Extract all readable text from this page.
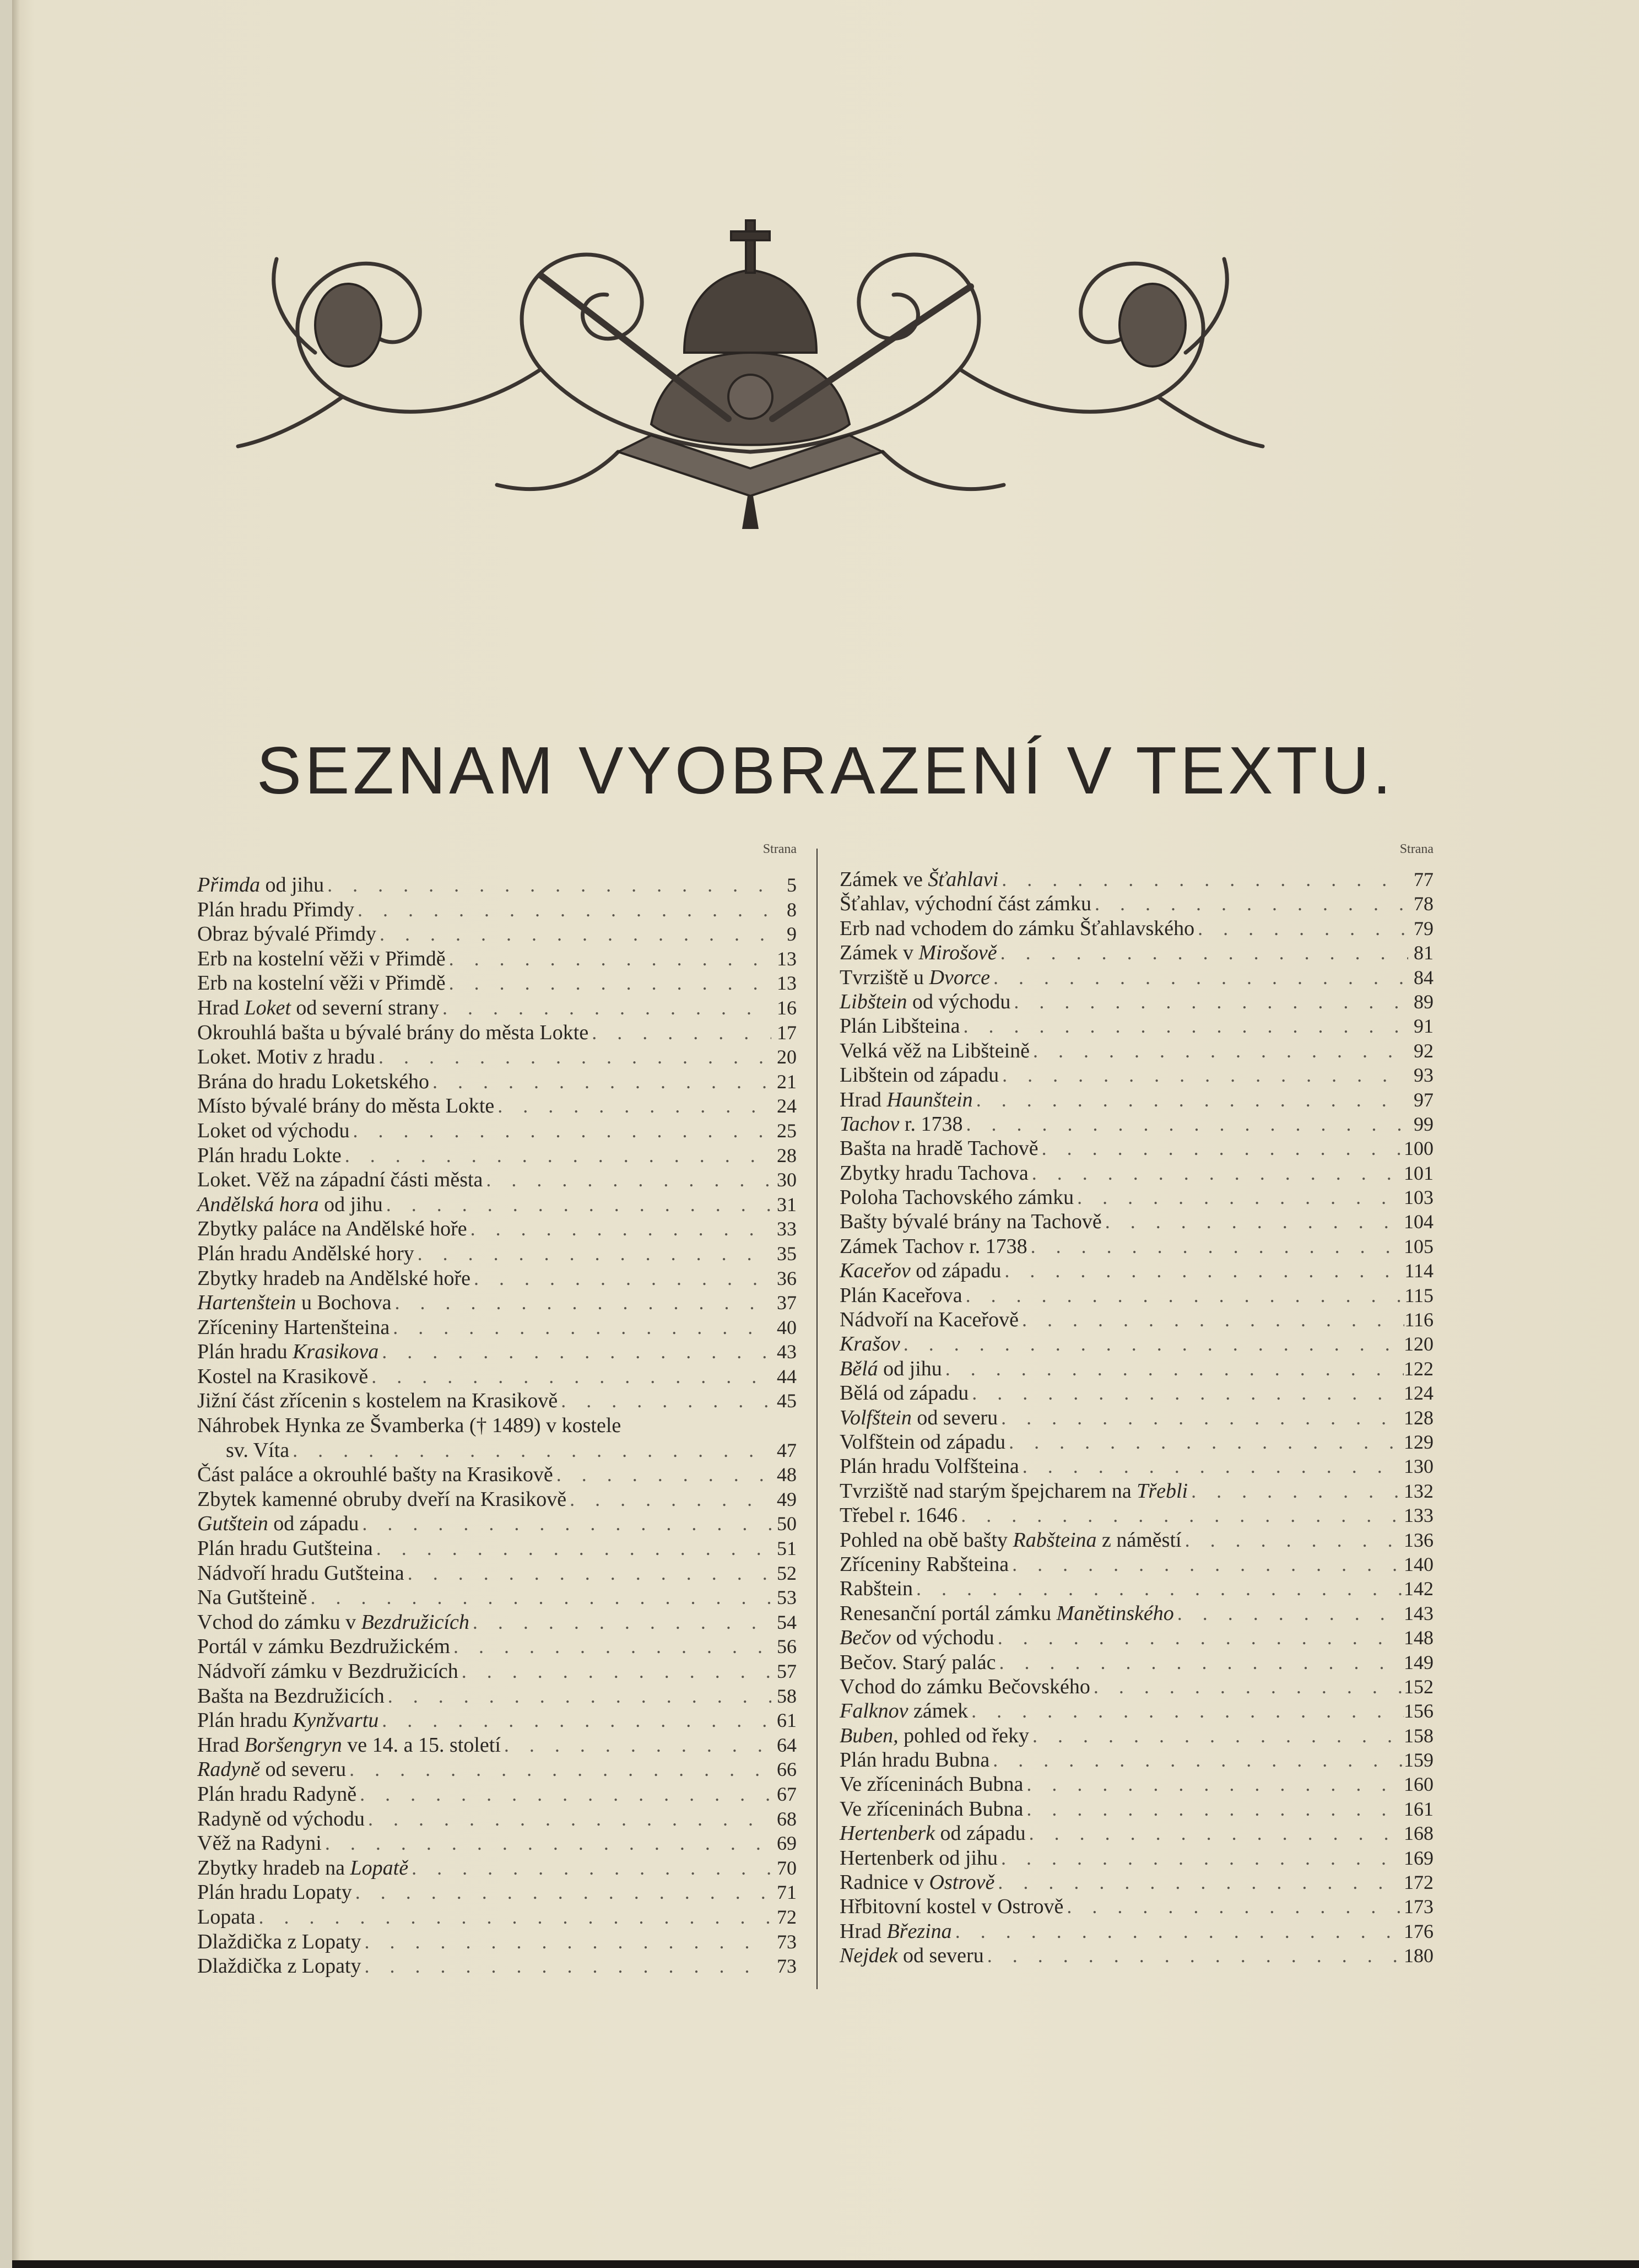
SEZNAM VYOBRAZENÍ V TEXTU.
Strana
Přimda od jihu . . .	5
Plán hradu Přimdy . . .	8
Obraz bývalé Přimdy . . .	9
Erb na kostelní věži v Přimdě . . .	13
Erb na kostelní věži v Přimdě . . .	13
Hrad Loket od severní strany . . .	16
Okrouhlá bašta u bývalé brány do města Lokte . . .	17
Loket. Motiv z hradu . . .	20
Brána do hradu Loketského . . .	21
Místo bývalé brány do města Lokte . . .	24
Loket od východu . . .	25
Plán hradu Lokte . . .	28
Loket. Věž na západní části města . . .	30
Andělská hora od jihu . . .	31
Zbytky paláce na Andělské hoře . . .	33
Plán hradu Andělské hory . . .	35
Zbytky hradeb na Andělské hoře . . .	36
Hartenštein u Bochova . . .	37
Zříceniny Hartenšteina . . .	40
Plán hradu Krasikova . . .	43
Kostel na Krasikově . . .	44
Jižní část zřícenin s kostelem na Krasikově . . .	45
Náhrobek Hynka ze Švamberka († 1489) v kostele
sv. Víta . . .	47
Část paláce a okrouhlé bašty na Krasikově . . .	48
Zbytek kamenné obruby dveří na Krasikově . . .	49
Gutštein od západu . . .	50
Plán hradu Gutšteina . . .	51
Nádvoří hradu Gutšteina . . .	52
Na Gutšteině . . .	53
Vchod do zámku v Bezdružicích . . .	54
Portál v zámku Bezdružickém . . .	56
Nádvoří zámku v Bezdružicích . . .	57
Bašta na Bezdružicích . . .	58
Plán hradu Kynžvartu . . .	61
Hrad Boršengryn ve 14. a 15. století . . .	64
Radyně od severu . . .	66
Plán hradu Radyně . . .	67
Radyně od východu . . .	68
Věž na Radyni . . .	69
Zbytky hradeb na Lopatě . . .	70
Plán hradu Lopaty . . .	71
Lopata . . .	72
Dlaždička z Lopaty . . .	73
Dlaždička z Lopaty . . .	73
Strana
Zámek ve Šťahlavi . . .	77
Šťahlav, východní část zámku . . .	78
Erb nad vchodem do zámku Šťahlavského . . .	79
Zámek v Mirošově . . .	81
Tvrziště u Dvorce . . .	84
Libštein od východu . . .	89
Plán Libšteina . . .	91
Velká věž na Libšteině . . .	92
Libštein od západu . . .	93
Hrad Haunštein . . .	97
Tachov r. 1738 . . .	99
Bašta na hradě Tachově . . .	100
Zbytky hradu Tachova . . .	101
Poloha Tachovského zámku . . .	103
Bašty bývalé brány na Tachově . . .	104
Zámek Tachov r. 1738 . . .	105
Kaceřov od západu . . .	114
Plán Kaceřova . . .	115
Nádvoří na Kaceřově . . .	116
Krašov . . .	120
Bělá od jihu . . .	122
Bělá od západu . . .	124
Volfštein od severu . . .	128
Volfštein od západu . . .	129
Plán hradu Volfšteina . . .	130
Tvrziště nad starým špejcharem na Třebli . . .	132
Třebel r. 1646 . . .	133
Pohled na obě bašty Rabšteina z náměstí . . .	136
Zříceniny Rabšteina . . .	140
Rabštein . . .	142
Renesanční portál zámku Manětinského . . .	143
Bečov od východu . . .	148
Bečov. Starý palác . . .	149
Vchod do zámku Bečovského . . .	152
Falknov zámek . . .	156
Buben, pohled od řeky . . .	158
Plán hradu Bubna . . .	159
Ve zříceninách Bubna . . .	160
Ve zříceninách Bubna . . .	161
Hertenberk od západu . . .	168
Hertenberk od jihu . . .	169
Radnice v Ostrově . . .	172
Hřbitovní kostel v Ostrově . . .	173
Hrad Březina . . .	176
Nejdek od severu . . .	180
